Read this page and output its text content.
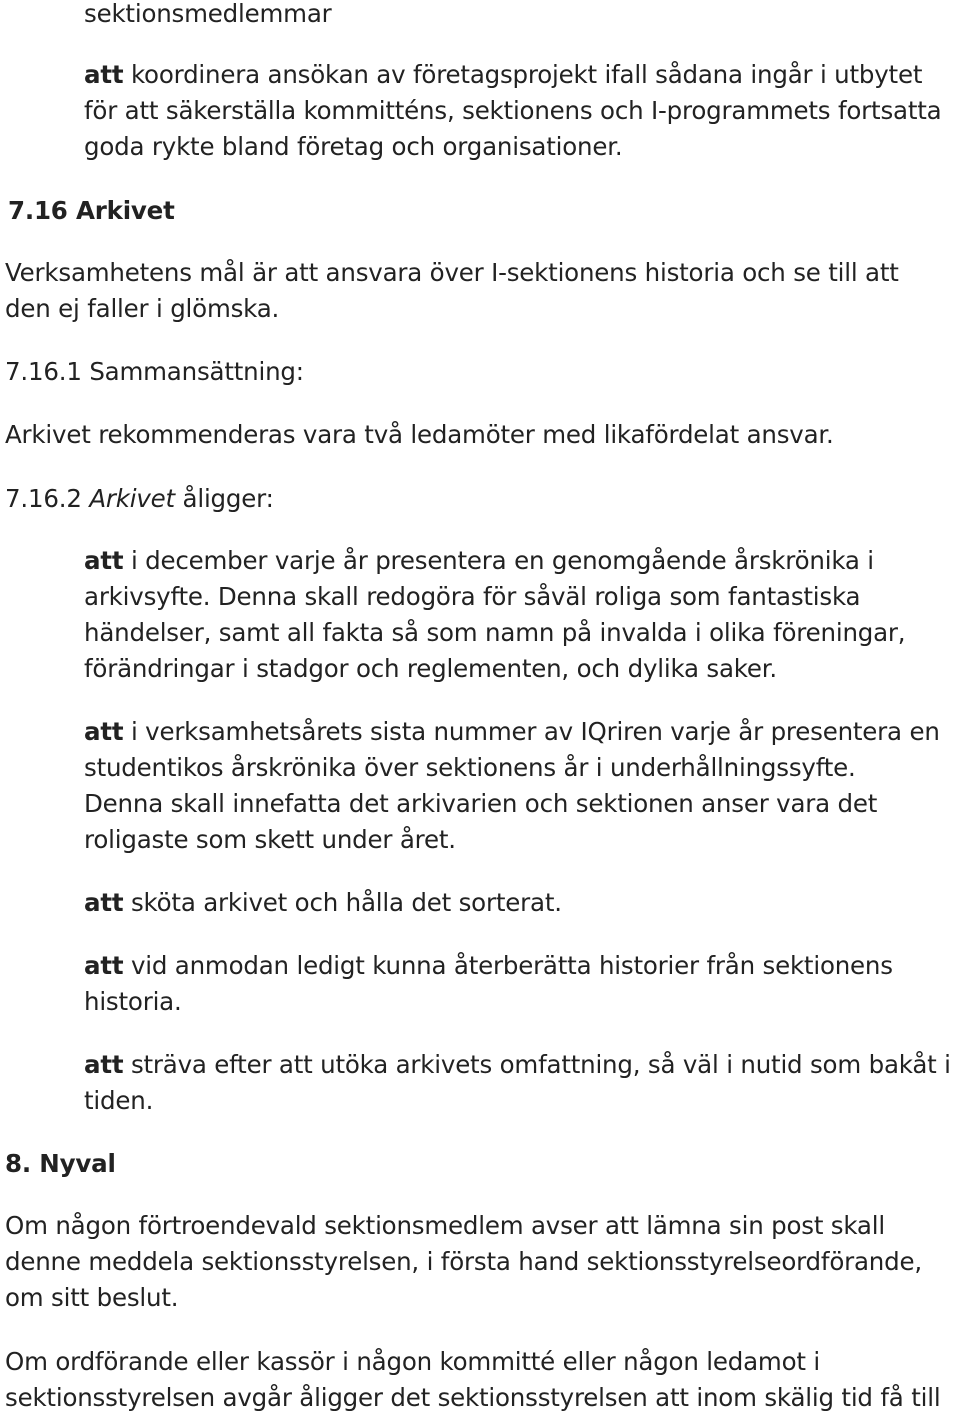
sektionsmedlemmar
att koordinera ansökan av företagsprojekt ifall sådana ingår i utbytet
för att säkerställa kommitténs, sektionens och I-programmets fortsatta
goda rykte bland företag och organisationer.
7.16 Arkivet
Verksamhetens mål är att ansvara över I-sektionens historia och se till att
den ej faller i glömska.
7.16.1 Sammansättning:
Arkivet rekommenderas vara två ledamöter med likafördelat ansvar.
7.16.2 Arkivet åligger:
att i december varje år presentera en genomgående årskrönika i
arkivsyfte. Denna skall redogöra för såväl roliga som fantastiska
händelser, samt all fakta så som namn på invalda i olika föreningar,
förändringar i stadgor och reglementen, och dylika saker.
att i verksamhetsårets sista nummer av IQriren varje år presentera en
studentikos årskrönika över sektionens år i underhållningssyfte.
Denna skall innefatta det arkivarien och sektionen anser vara det
roligaste som skett under året.
att sköta arkivet och hålla det sorterat.
att vid anmodan ledigt kunna återberätta historier från sektionens
historia.
att sträva efter att utöka arkivets omfattning, så väl i nutid som bakåt i
tiden.
8. Nyval
Om någon förtroendevald sektionsmedlem avser att lämna sin post skall
denne meddela sektionsstyrelsen, i första hand sektionsstyrelseordförande,
om sitt beslut.
Om ordförande eller kassör i någon kommitté eller någon ledamot i
sektionsstyrelsen avgår åligger det sektionsstyrelsen att inom skälig tid få till
